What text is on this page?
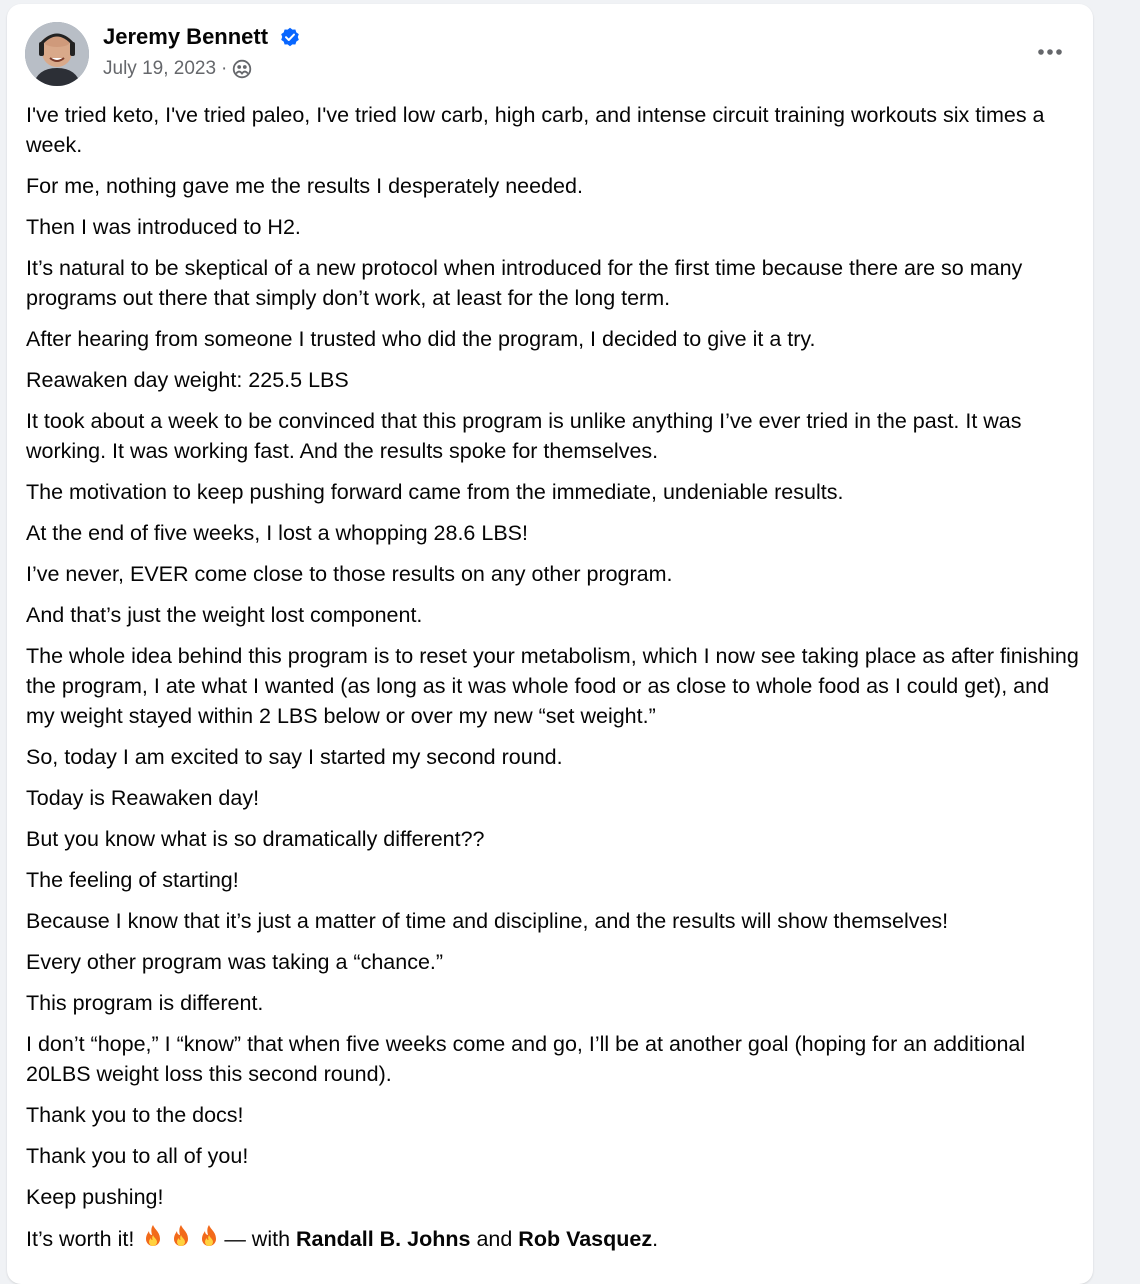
Jeremy Bennett
July 19, 2023 ·

I've tried keto, I've tried paleo, I've tried low carb, high carb, and intense circuit training workouts six times a week.

For me, nothing gave me the results I desperately needed.

Then I was introduced to H2.

It’s natural to be skeptical of a new protocol when introduced for the first time because there are so many programs out there that simply don’t work, at least for the long term.

After hearing from someone I trusted who did the program, I decided to give it a try.

Reawaken day weight: 225.5 LBS

It took about a week to be convinced that this program is unlike anything I’ve ever tried in the past. It was working. It was working fast. And the results spoke for themselves.

The motivation to keep pushing forward came from the immediate, undeniable results.

At the end of five weeks, I lost a whopping 28.6 LBS!

I’ve never, EVER come close to those results on any other program.

And that’s just the weight lost component.

The whole idea behind this program is to reset your metabolism, which I now see taking place as after finishing the program, I ate what I wanted (as long as it was whole food or as close to whole food as I could get), and my weight stayed within 2 LBS below or over my new “set weight.”

So, today I am excited to say I started my second round.

Today is Reawaken day!

But you know what is so dramatically different??

The feeling of starting!

Because I know that it’s just a matter of time and discipline, and the results will show themselves!

Every other program was taking a “chance.”

This program is different.

I don’t “hope,” I “know” that when five weeks come and go, I’ll be at another goal (hoping for an additional 20LBS weight loss this second round).

Thank you to the docs!

Thank you to all of you!

Keep pushing!

It’s worth it!	— with Randall B. Johns and Rob Vasquez.
